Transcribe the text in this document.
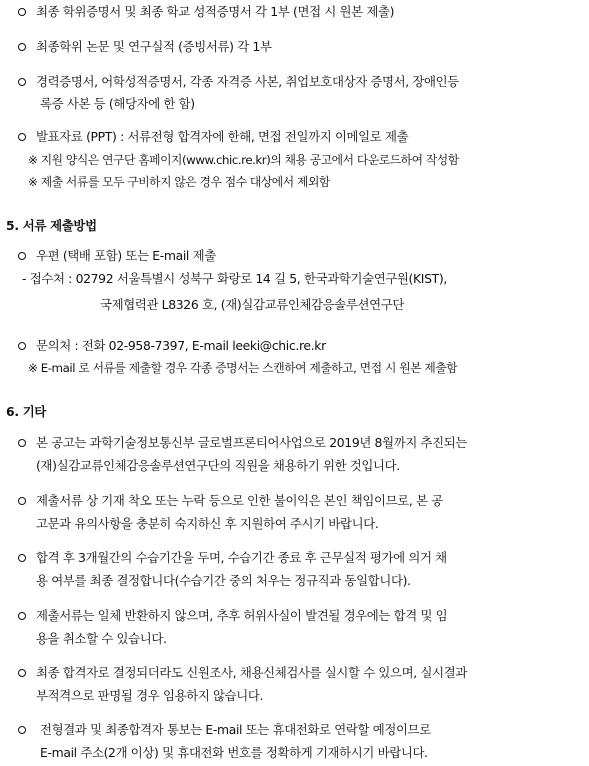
최종 학위증명서 및 최종 학교 성적증명서 각 1부 (면접 시 원본 제출)
최종학위 논문 및 연구실적 (증빙서류) 각 1부
경력증명서, 어학성적증명서, 각종 자격증 사본, 취업보호대상자 증명서, 장애인등
록증 사본 등 (해당자에 한 함)
발표자료 (PPT) : 서류전형 합격자에 한해, 면접 전일까지 이메일로 제출
※ 지원 양식은 연구단 홈페이지(www.chic.re.kr)의 채용 공고에서 다운로드하여 작성함
※ 제출 서류를 모두 구비하지 않은 경우 점수 대상에서 제외함
5. 서류 제출방법
우편 (택배 포함) 또는 E-mail 제출
- 접수처 : 02792 서울특별시 성북구 화랑로 14 길 5, 한국과학기술연구원(KIST),
국제협력관 L8326 호, (재)실감교류인체감응솔루션연구단
문의처 : 전화 02-958-7397, E-mail leeki@chic.re.kr
※ E-mail 로 서류를 제출할 경우 각종 증명서는 스캔하여 제출하고, 면접 시 원본 제출함
6. 기타
본 공고는 과학기술정보통신부 글로벌프론티어사업으로 2019년 8월까지 추진되는
(재)실감교류인체감응솔루션연구단의 직원을 채용하기 위한 것입니다.
제출서류 상 기재 착오 또는 누락 등으로 인한 불이익은 본인 책임이므로, 본 공
고문과 유의사항을 충분히 숙지하신 후 지원하여 주시기 바랍니다.
합격 후 3개월간의 수습기간을 두며, 수습기간 종료 후 근무실적 평가에 의거 채
용 여부를 최종 결정합니다(수습기간 중의 처우는 정규직과 동일합니다).
제출서류는 일체 반환하지 않으며, 추후 허위사실이 발견될 경우에는 합격 및 임
용을 취소할 수 있습니다.
최종 합격자로 결정되더라도 신원조사, 채용신체검사를 실시할 수 있으며, 실시결과
부적격으로 판명될 경우 임용하지 않습니다.
전형결과 및 최종합격자 통보는 E-mail 또는 휴대전화로 연락할 예정이므로
E-mail 주소(2개 이상) 및 휴대전화 번호를 정확하게 기재하시기 바랍니다.
